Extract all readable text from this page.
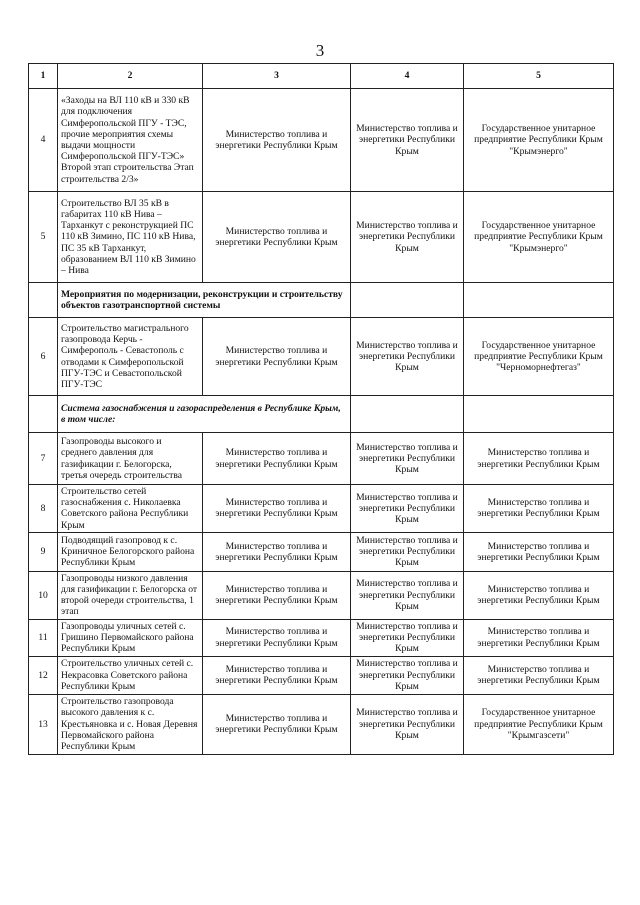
3
1	2	3	4	5
4	«Заходы на ВЛ 110 кВ и 330 кВ для подключения Симферопольской ПГУ - ТЭС, прочие мероприятия схемы выдачи мощности Симферопольской ПГУ-ТЭС» Второй этап строительства Этап строительства 2/3»	Министерство топлива и энергетики Республики Крым	Министерство топлива и энергетики Республики Крым	Государственное унитарное предприятие Республики Крым "Крымэнерго"
5	Строительство ВЛ 35 кВ в габаритах 110 кВ Нива – Тарханкут с реконструкцией ПС 110 кВ Зимино, ПС 110 кВ Нива, ПС 35 кВ Тарханкут, образованием ВЛ 110 кВ Зимино – Нива	Министерство топлива и энергетики Республики Крым	Министерство топлива и энергетики Республики Крым	Государственное унитарное предприятие Республики Крым "Крымэнерго"
	Мероприятия по модернизации, реконструкции и строительству объектов газотранспортной системы			
6	Строительство магистрального газопровода Керчь - Симферополь - Севастополь с отводами к Симферопольской ПГУ-ТЭС и Севастопольской ПГУ-ТЭС	Министерство топлива и энергетики Республики Крым	Министерство топлива и энергетики Республики Крым	Государственное унитарное предприятие Республики Крым "Черноморнефтегаз"
	Система газоснабжения и газораспределения в Республике Крым, в том числе:			
7	Газопроводы высокого и среднего давления для газификации г. Белогорска, третья очередь строительства	Министерство топлива и энергетики Республики Крым	Министерство топлива и энергетики Республики Крым	Министерство топлива и энергетики Республики Крым
8	Строительство сетей газоснабжения с. Николаевка Советского района Республики Крым	Министерство топлива и энергетики Республики Крым	Министерство топлива и энергетики Республики Крым	Министерство топлива и энергетики Республики Крым
9	Подводящий газопровод к с. Криничное Белогорского района Республики Крым	Министерство топлива и энергетики Республики Крым	Министерство топлива и энергетики Республики Крым	Министерство топлива и энергетики Республики Крым
10	Газопроводы низкого давления для газификации г. Белогорска от второй очереди строительства, 1 этап	Министерство топлива и энергетики Республики Крым	Министерство топлива и энергетики Республики Крым	Министерство топлива и энергетики Республики Крым
11	Газопроводы уличных сетей с. Гришино Первомайского района Республики Крым	Министерство топлива и энергетики Республики Крым	Министерство топлива и энергетики Республики Крым	Министерство топлива и энергетики Республики Крым
12	Строительство уличных сетей с. Некрасовка Советского района Республики Крым	Министерство топлива и энергетики Республики Крым	Министерство топлива и энергетики Республики Крым	Министерство топлива и энергетики Республики Крым
13	Строительство газопровода высокого давления к с. Крестьяновка и с. Новая Деревня Первомайского района Республики Крым	Министерство топлива и энергетики Республики Крым	Министерство топлива и энергетики Республики Крым	Государственное унитарное предприятие Республики Крым "Крымгазсети"
